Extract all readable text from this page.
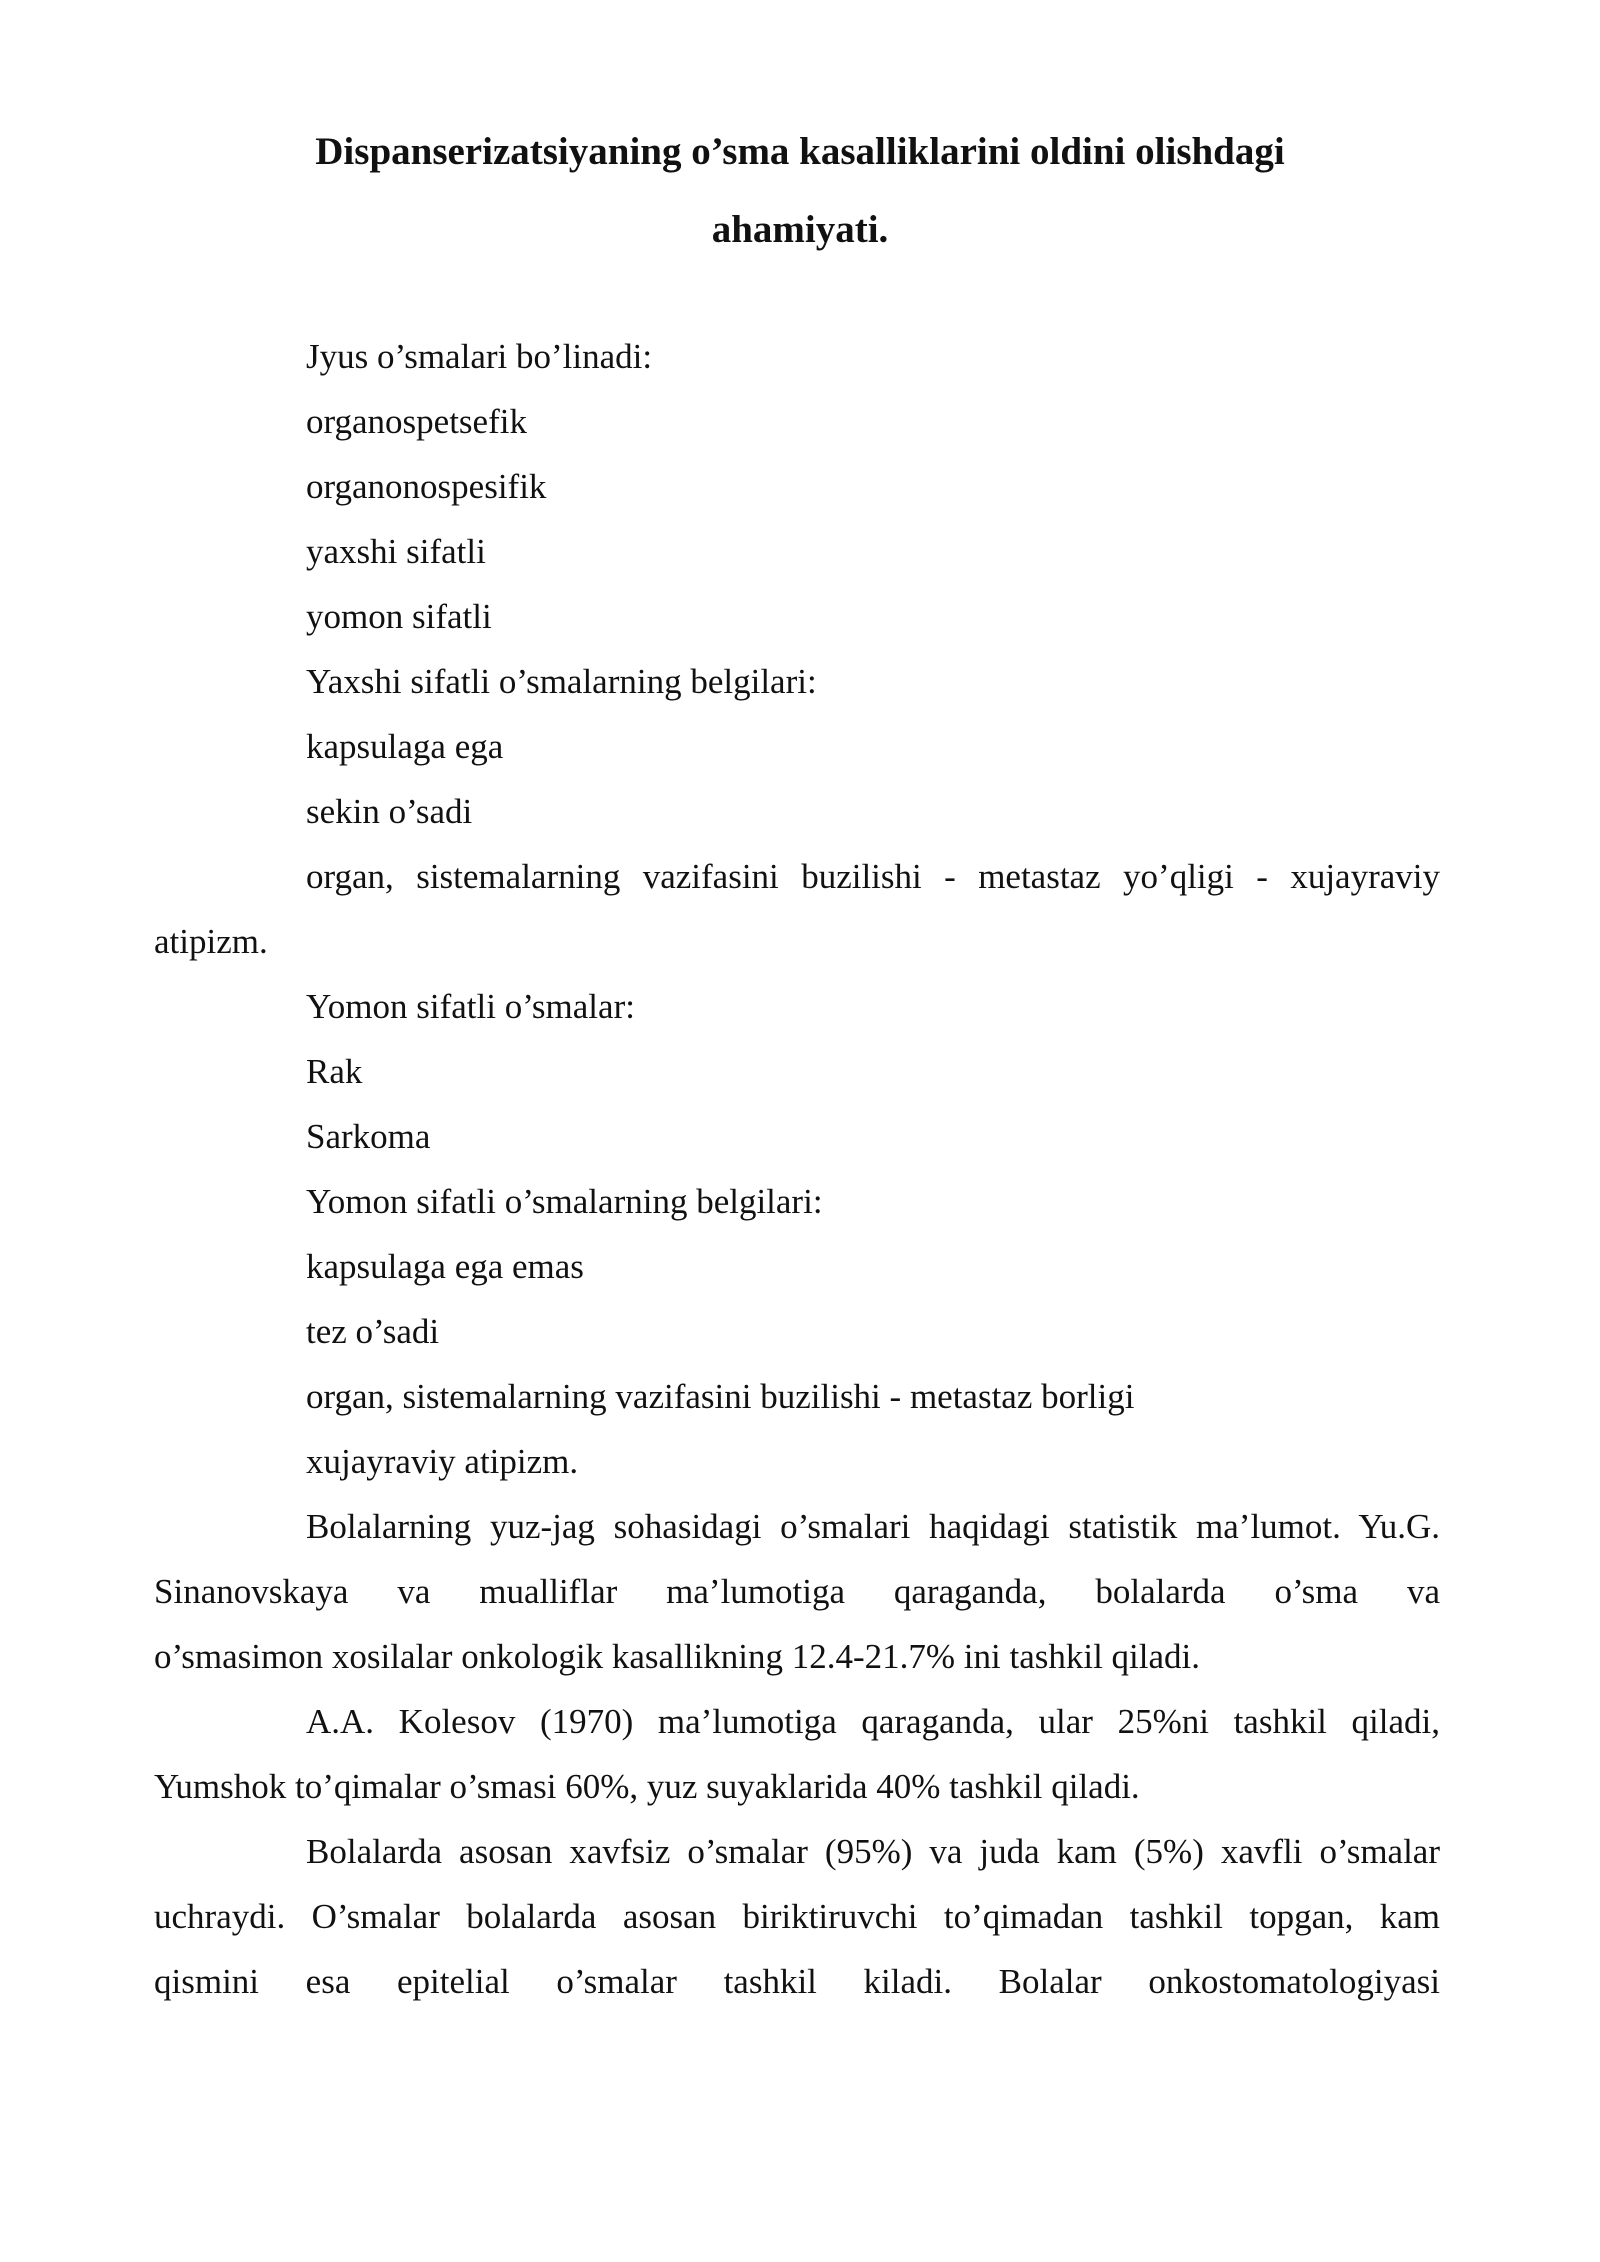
Dispanserizatsiyaning o’sma kasalliklarini oldini olishdagi
ahamiyati.
Jyus o’smalari bo’linadi:
organospetsefik
organonospesifik
yaxshi sifatli
yomon sifatli
Yaxshi sifatli o’smalarning belgilari:
kapsulaga ega
sekin o’sadi
organ, sistemalarning vazifasini buzilishi - metastaz yo’qligi - xujayraviy
atipizm.
Yomon sifatli o’smalar:
Rak
Sarkoma
Yomon sifatli o’smalarning belgilari:
kapsulaga ega emas
tez o’sadi
organ, sistemalarning vazifasini buzilishi - metastaz borligi
xujayraviy atipizm.
Bolalarning yuz-jag sohasidagi o’smalari haqidagi statistik ma’lumot. Yu.G.
Sinanovskaya va mualliflar ma’lumotiga qaraganda, bolalarda o’sma va
o’smasimon xosilalar onkologik kasallikning 12.4-21.7% ini tashkil qiladi.
A.A. Kolesov (1970) ma’lumotiga qaraganda, ular 25%ni tashkil qiladi,
Yumshok to’qimalar o’smasi 60%, yuz suyaklarida 40% tashkil qiladi.
Bolalarda asosan xavfsiz o’smalar (95%) va juda kam (5%) xavfli o’smalar
uchraydi. O’smalar bolalarda asosan biriktiruvchi to’qimadan tashkil topgan, kam
qismini esa epitelial o’smalar tashkil kiladi. Bolalar onkostomatologiyasi
